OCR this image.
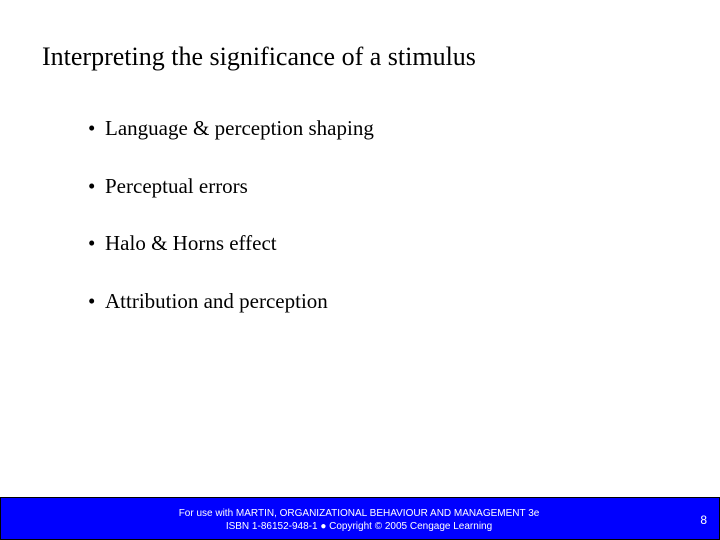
Interpreting the significance of a stimulus
• Language & perception shaping
• Perceptual errors
• Halo & Horns effect
• Attribution and perception
For use with MARTIN, ORGANIZATIONAL BEHAVIOUR AND MANAGEMENT 3e
ISBN 1-86152-948-1 ● Copyright © 2005 Cengage Learning	8
